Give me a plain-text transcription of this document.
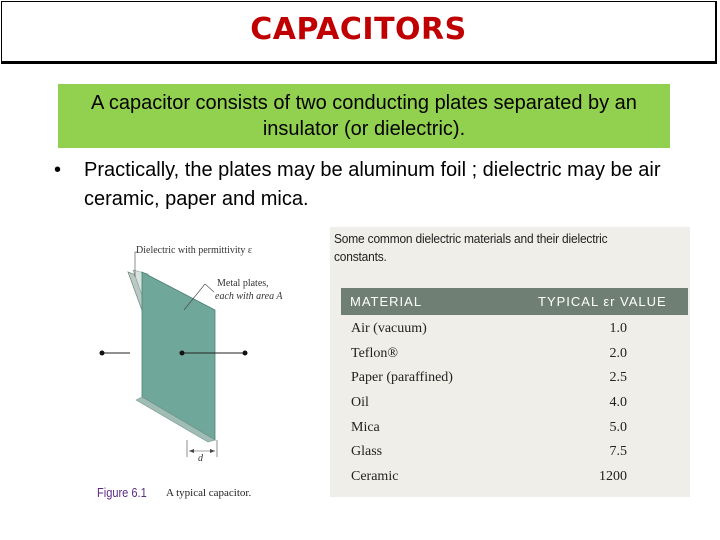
CAPACITORS
A capacitor consists of two conducting plates separated by an insulator (or dielectric).
• Practically, the plates may be aluminum foil ; dielectric may be air ceramic, paper and mica.
Dielectric with permittivity ε
Metal plates,
each with area A
d
Figure 6.1 A typical capacitor.
Some common dielectric materials and their dielectric constants.
MATERIAL	TYPICAL εr VALUE
Air (vacuum)	1.0
Teflon®	2.0
Paper (paraffined)	2.5
Oil	4.0
Mica	5.0
Glass	7.5
Ceramic	1200
